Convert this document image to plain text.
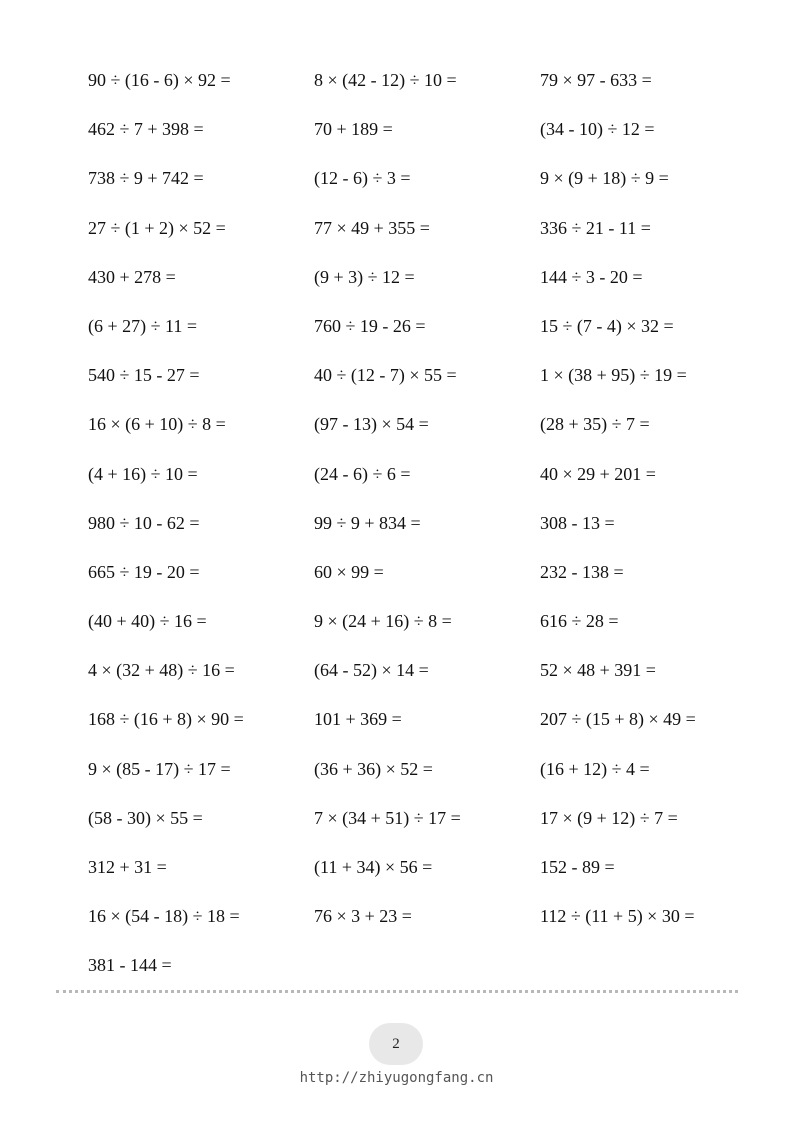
90 ÷ (16 - 6) × 92 =	8 × (42 - 12) ÷ 10 =	79 × 97 - 633 =
462 ÷ 7 + 398 =	70 + 189 =	(34 - 10) ÷ 12 =
738 ÷ 9 + 742 =	(12 - 6) ÷ 3 =	9 × (9 + 18) ÷ 9 =
27 ÷ (1 + 2) × 52 =	77 × 49 + 355 =	336 ÷ 21 - 11 =
430 + 278 =	(9 + 3) ÷ 12 =	144 ÷ 3 - 20 =
(6 + 27) ÷ 11 =	760 ÷ 19 - 26 =	15 ÷ (7 - 4) × 32 =
540 ÷ 15 - 27 =	40 ÷ (12 - 7) × 55 =	1 × (38 + 95) ÷ 19 =
16 × (6 + 10) ÷ 8 =	(97 - 13) × 54 =	(28 + 35) ÷ 7 =
(4 + 16) ÷ 10 =	(24 - 6) ÷ 6 =	40 × 29 + 201 =
980 ÷ 10 - 62 =	99 ÷ 9 + 834 =	308 - 13 =
665 ÷ 19 - 20 =	60 × 99 =	232 - 138 =
(40 + 40) ÷ 16 =	9 × (24 + 16) ÷ 8 =	616 ÷ 28 =
4 × (32 + 48) ÷ 16 =	(64 - 52) × 14 =	52 × 48 + 391 =
168 ÷ (16 + 8) × 90 =	101 + 369 =	207 ÷ (15 + 8) × 49 =
9 × (85 - 17) ÷ 17 =	(36 + 36) × 52 =	(16 + 12) ÷ 4 =
(58 - 30) × 55 =	7 × (34 + 51) ÷ 17 =	17 × (9 + 12) ÷ 7 =
312 + 31 =	(11 + 34) × 56 =	152 - 89 =
16 × (54 - 18) ÷ 18 =	76 × 3 + 23 =	112 ÷ (11 + 5) × 30 =
381 - 144 =
2
http://zhiyugongfang.cn
